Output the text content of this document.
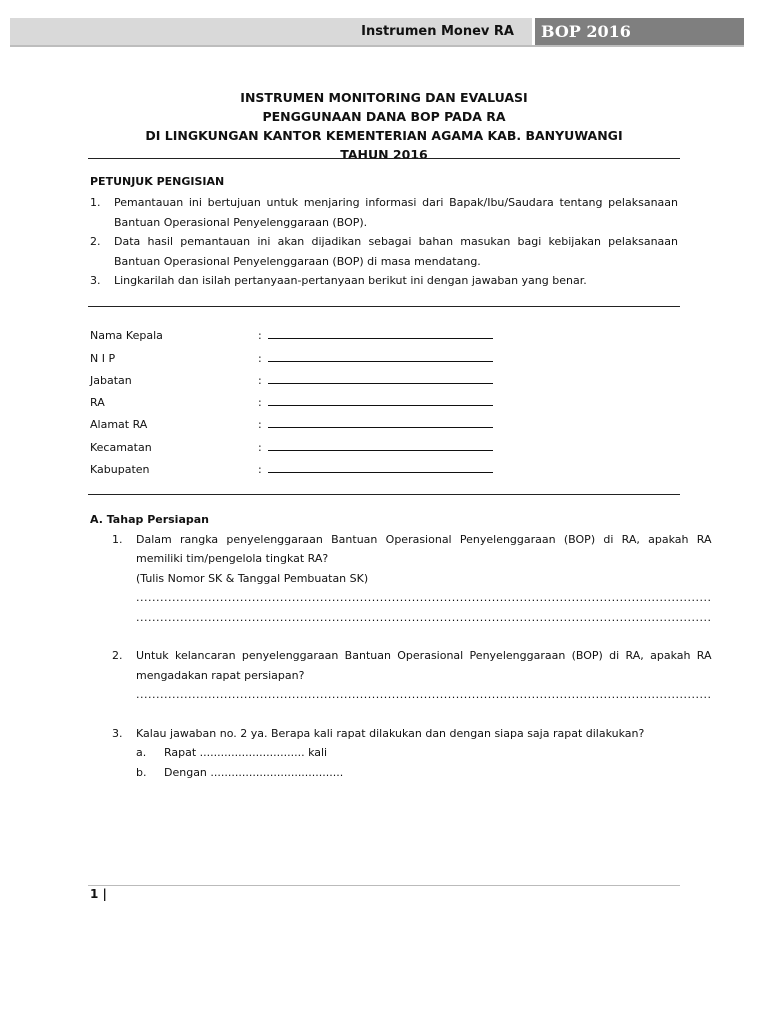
Instrumen Monev RA	BOP 2016
INSTRUMEN MONITORING DAN EVALUASI
PENGGUNAAN DANA BOP PADA RA
DI LINGKUNGAN KANTOR KEMENTERIAN AGAMA KAB. BANYUWANGI
TAHUN 2016
PETUNJUK PENGISIAN
1.	Pemantauan ini bertujuan untuk menjaring informasi dari Bapak/Ibu/Saudara tentang pelaksanaan Bantuan Operasional Penyelenggaraan (BOP).
2.	Data hasil pemantauan ini akan dijadikan sebagai bahan masukan bagi kebijakan pelaksanaan Bantuan Operasional Penyelenggaraan (BOP) di masa mendatang.
3.	Lingkarilah dan isilah pertanyaan-pertanyaan berikut ini dengan jawaban yang benar.
Nama Kepala	:
N I P	:
Jabatan	:
RA	:
Alamat RA	:
Kecamatan	:
Kabupaten	:
A. Tahap Persiapan
1.	Dalam rangka penyelenggaraan Bantuan Operasional Penyelenggaraan (BOP) di RA, apakah RA memiliki tim/pengelola tingkat RA?
(Tulis Nomor SK & Tanggal Pembuatan SK)
................................................................................................................................................
................................................................................................................................................
2.	Untuk kelancaran penyelenggaraan Bantuan Operasional Penyelenggaraan (BOP) di RA, apakah RA mengadakan rapat persiapan?
................................................................................................................................................
3.	Kalau jawaban no. 2 ya. Berapa kali rapat dilakukan dan dengan siapa saja rapat dilakukan?
a.	Rapat .............................. kali
b.	Dengan ......................................
1 |
